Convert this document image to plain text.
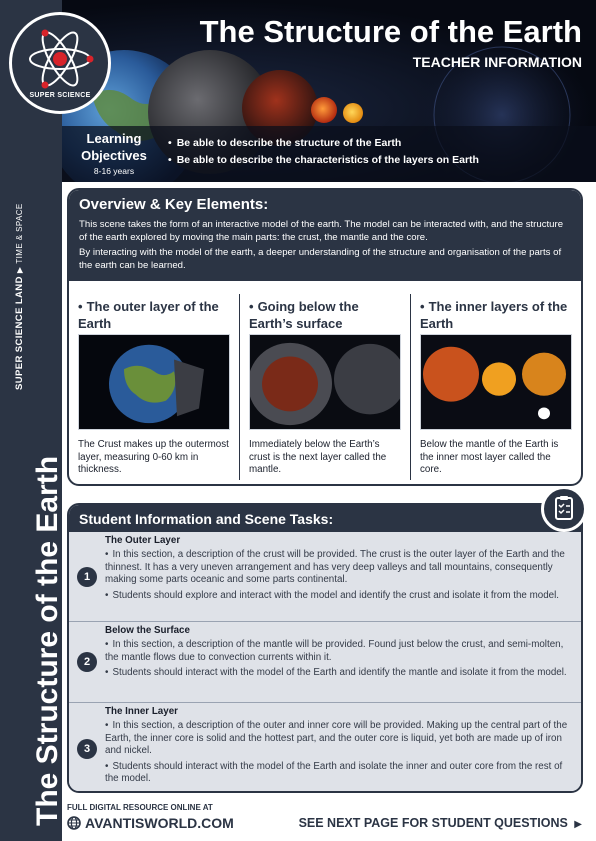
The Structure of the Earth
SUPER SCIENCE LAND▶TIME & SPACE
SUPER SCIENCE
The Structure of the Earth
TEACHER INFORMATION
Learning Objectives
8-16 years
• Be able to describe the structure of the Earth
• Be able to describe the characteristics of the layers on Earth
Overview & Key Elements:

This scene takes the form of an interactive model of the earth. The model can be interacted with, and the structure of the earth explored by moving the main parts: the crust, the mantle and the core.

By interacting with the model of the earth, a deeper understanding of the structure and organisation of the parts of the earth can be learned.

• The outer layer of the Earth
The Crust makes up the outermost layer, measuring 0-60 km in thickness.
• Going below the Earth’s surface
Immediately below the Earth’s crust is the next layer called the mantle.
• The inner layers of the Earth
Below the mantle of the Earth is the inner most layer called the core.
Student Information and Scene Tasks:
1
The Outer Layer
• In this section, a description of the crust will be provided. The crust is the outer layer of the Earth and the thinnest. It has a very uneven arrangement and has very deep valleys and tall mountains, consequently making some parts oceanic and some parts continental.
• Students should explore and interact with the model and identify the crust and isolate it from the model.
2
Below the Surface
• In this section, a description of the mantle will be provided. Found just below the crust, and semi-molten, the mantle flows due to convection currents within it.
• Students should interact with the model of the Earth and identify the mantle and isolate it from the model.
3
The Inner Layer
• In this section, a description of the outer and inner core will be provided. Making up the central part of the Earth, the inner core is solid and the hottest part, and the outer core is liquid, yet both are made up of iron and nickel.
• Students should interact with the model of the Earth and isolate the inner and outer core from the rest of the model.
FULL DIGITAL RESOURCE ONLINE AT
AVANTISWORLD.COM	SEE NEXT PAGE FOR STUDENT QUESTIONS ▶
